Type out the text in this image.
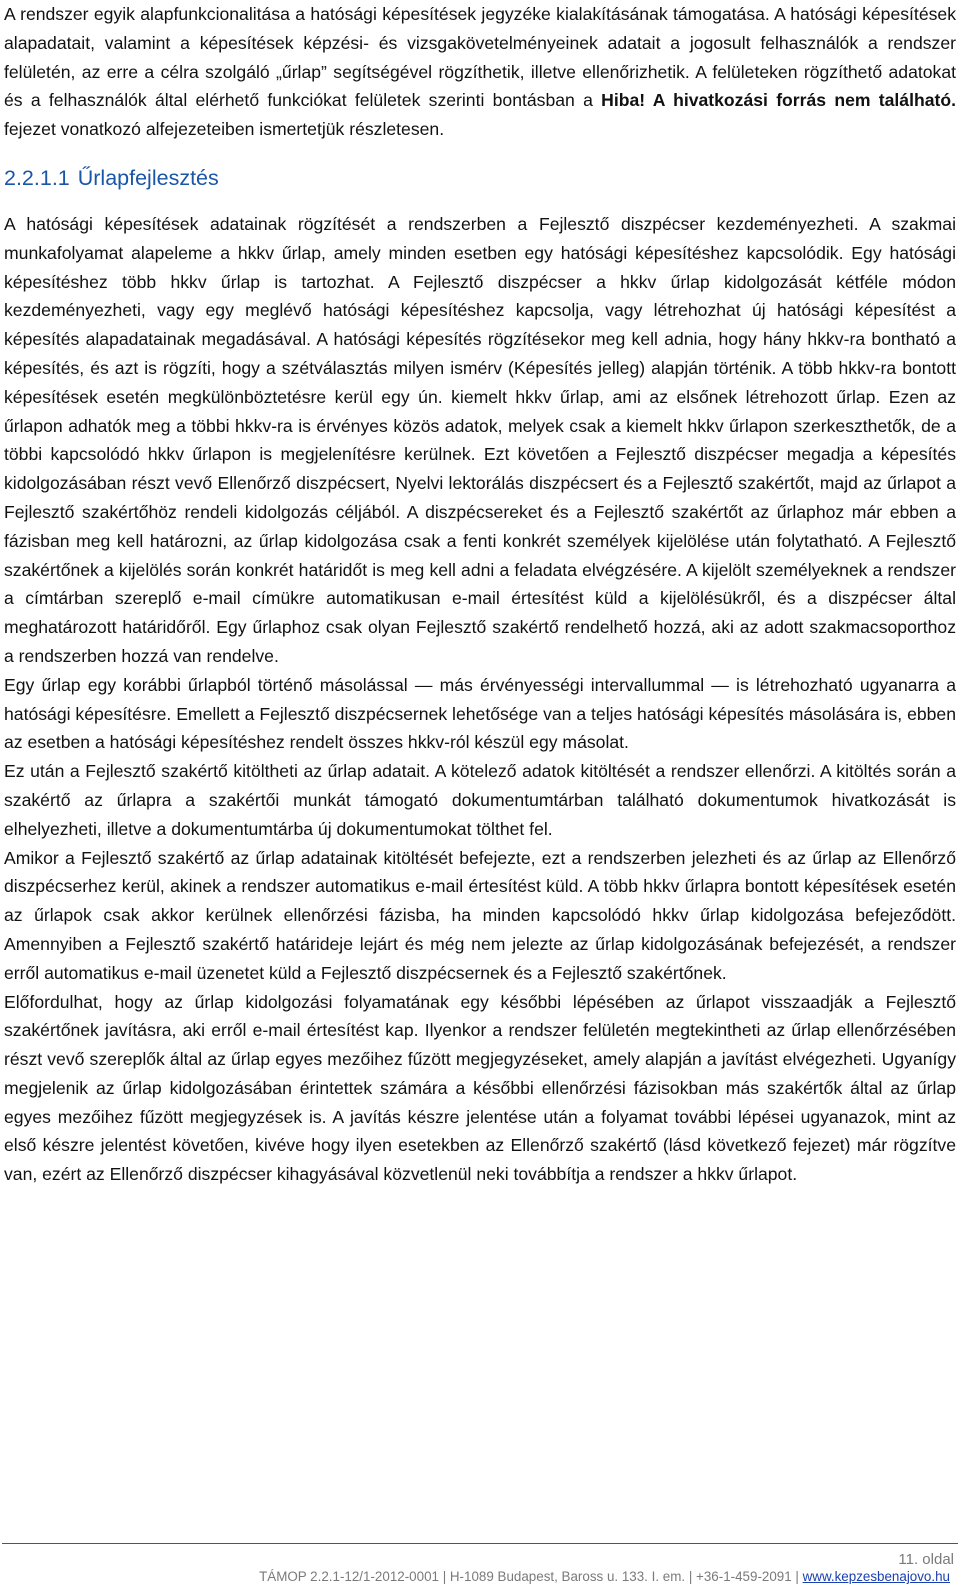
A rendszer egyik alapfunkcionalitása a hatósági képesítések jegyzéke kialakításának támogatása. A hatósági képesítések alapadatait, valamint a képesítések képzési- és vizsgakövetelményeinek adatait a jogosult felhasználók a rendszer felületén, az erre a célra szolgáló „űrlap” segítségével rögzíthetik, illetve ellenőrizhetik. A felületeken rögzíthető adatokat és a felhasználók által elérhető funkciókat felületek szerinti bontásban a Hiba! A hivatkozási forrás nem található. fejezet vonatkozó alfejezeteiben ismertetjük részletesen.

2.2.1.1 Űrlapfejlesztés

A hatósági képesítések adatainak rögzítését a rendszerben a Fejlesztő diszpécser kezdeményezheti. A szakmai munkafolyamat alapeleme a hkkv űrlap, amely minden esetben egy hatósági képesítéshez kapcsolódik. Egy hatósági képesítéshez több hkkv űrlap is tartozhat. A Fejlesztő diszpécser a hkkv űrlap kidolgozását kétféle módon kezdeményezheti, vagy egy meglévő hatósági képesítéshez kapcsolja, vagy létrehozhat új hatósági képesítést a képesítés alapadatainak megadásával. A hatósági képesítés rögzítésekor meg kell adnia, hogy hány hkkv-ra bontható a képesítés, és azt is rögzíti, hogy a szétválasztás milyen ismérv (Képesítés jelleg) alapján történik. A több hkkv-ra bontott képesítések esetén megkülönböztetésre kerül egy ún. kiemelt hkkv űrlap, ami az elsőnek létrehozott űrlap. Ezen az űrlapon adhatók meg a többi hkkv-ra is érvényes közös adatok, melyek csak a kiemelt hkkv űrlapon szerkeszthetők, de a többi kapcsolódó hkkv űrlapon is megjelenítésre kerülnek. Ezt követően a Fejlesztő diszpécser megadja a képesítés kidolgozásában részt vevő Ellenőrző diszpécsert, Nyelvi lektorálás diszpécsert és a Fejlesztő szakértőt, majd az űrlapot a Fejlesztő szakértőhöz rendeli kidolgozás céljából. A diszpécsereket és a Fejlesztő szakértőt az űrlaphoz már ebben a fázisban meg kell határozni, az űrlap kidolgozása csak a fenti konkrét személyek kijelölése után folytatható. A Fejlesztő szakértőnek a kijelölés során konkrét határidőt is meg kell adni a feladata elvégzésére. A kijelölt személyeknek a rendszer a címtárban szereplő e-mail címükre automatikusan e-mail értesítést küld a kijelölésükről, és a diszpécser által meghatározott határidőről. Egy űrlaphoz csak olyan Fejlesztő szakértő rendelhető hozzá, aki az adott szakmacsoporthoz a rendszerben hozzá van rendelve.

Egy űrlap egy korábbi űrlapból történő másolással — más érvényességi intervallummal — is létrehozható ugyanarra a hatósági képesítésre. Emellett a Fejlesztő diszpécsernek lehetősége van a teljes hatósági képesítés másolására is, ebben az esetben a hatósági képesítéshez rendelt összes hkkv-ról készül egy másolat.

Ez után a Fejlesztő szakértő kitöltheti az űrlap adatait. A kötelező adatok kitöltését a rendszer ellenőrzi. A kitöltés során a szakértő az űrlapra a szakértői munkát támogató dokumentumtárban található dokumentumok hivatkozását is elhelyezheti, illetve a dokumentumtárba új dokumentumokat tölthet fel.

Amikor a Fejlesztő szakértő az űrlap adatainak kitöltését befejezte, ezt a rendszerben jelezheti és az űrlap az Ellenőrző diszpécserhez kerül, akinek a rendszer automatikus e-mail értesítést küld. A több hkkv űrlapra bontott képesítések esetén az űrlapok csak akkor kerülnek ellenőrzési fázisba, ha minden kapcsolódó hkkv űrlap kidolgozása befejeződött. Amennyiben a Fejlesztő szakértő határideje lejárt és még nem jelezte az űrlap kidolgozásának befejezését, a rendszer erről automatikus e-mail üzenetet küld a Fejlesztő diszpécsernek és a Fejlesztő szakértőnek.

Előfordulhat, hogy az űrlap kidolgozási folyamatának egy későbbi lépésében az űrlapot visszaadják a Fejlesztő szakértőnek javításra, aki erről e-mail értesítést kap. Ilyenkor a rendszer felületén megtekintheti az űrlap ellenőrzésében részt vevő szereplők által az űrlap egyes mezőihez fűzött megjegyzéseket, amely alapján a javítást elvégezheti. Ugyanígy megjelenik az űrlap kidolgozásában érintettek számára a későbbi ellenőrzési fázisokban más szakértők által az űrlap egyes mezőihez fűzött megjegyzések is. A javítás készre jelentése után a folyamat további lépései ugyanazok, mint az első készre jelentést követően, kivéve hogy ilyen esetekben az Ellenőrző szakértő (lásd következő fejezet) már rögzítve van, ezért az Ellenőrző diszpécser kihagyásával közvetlenül neki továbbítja a rendszer a hkkv űrlapot.

11. oldal
TÁMOP 2.2.1-12/1-2012-0001 | H-1089 Budapest, Baross u. 133. I. em. | +36-1-459-2091 | www.kepzesbenajovo.hu
